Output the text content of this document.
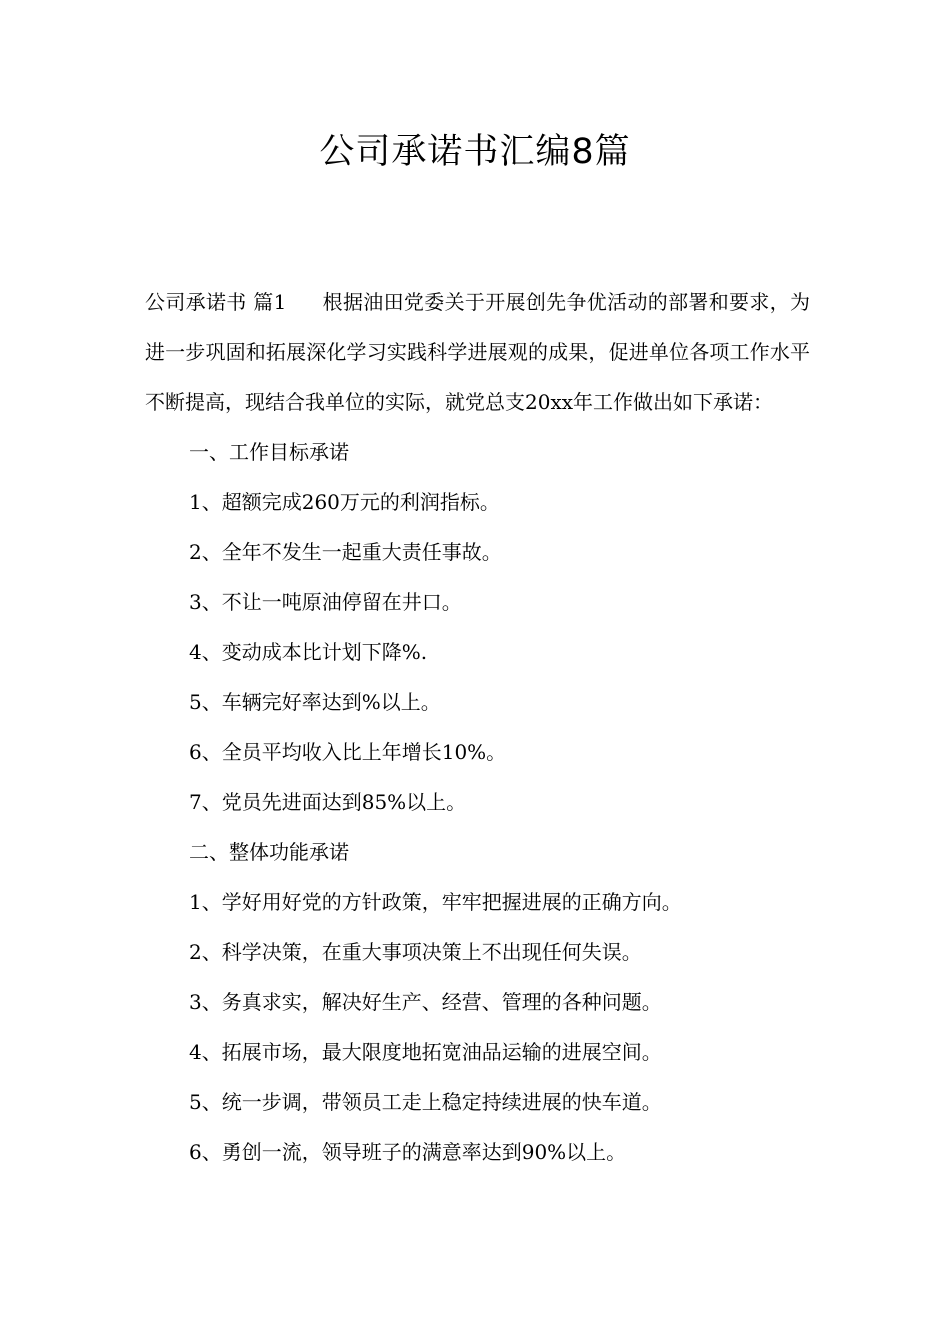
公司承诺书汇编8篇

公司承诺书 篇1 根据油田党委关于开展创先争优活动的部署和要求，为进一步巩固和拓展深化学习实践科学进展观的成果，促进单位各项工作水平不断提高，现结合我单位的实际，就党总支20xx年工作做出如下承诺：

一、工作目标承诺

1、超额完成260万元的利润指标。

2、全年不发生一起重大责任事故。

3、不让一吨原油停留在井口。

4、变动成本比计划下降%.

5、车辆完好率达到%以上。

6、全员平均收入比上年增长10%。

7、党员先进面达到85%以上。

二、整体功能承诺

1、学好用好党的方针政策，牢牢把握进展的正确方向。

2、科学决策，在重大事项决策上不出现任何失误。

3、务真求实，解决好生产、经营、管理的各种问题。

4、拓展市场，最大限度地拓宽油品运输的进展空间。

5、统一步调，带领员工走上稳定持续进展的快车道。

6、勇创一流，领导班子的满意率达到90%以上。
